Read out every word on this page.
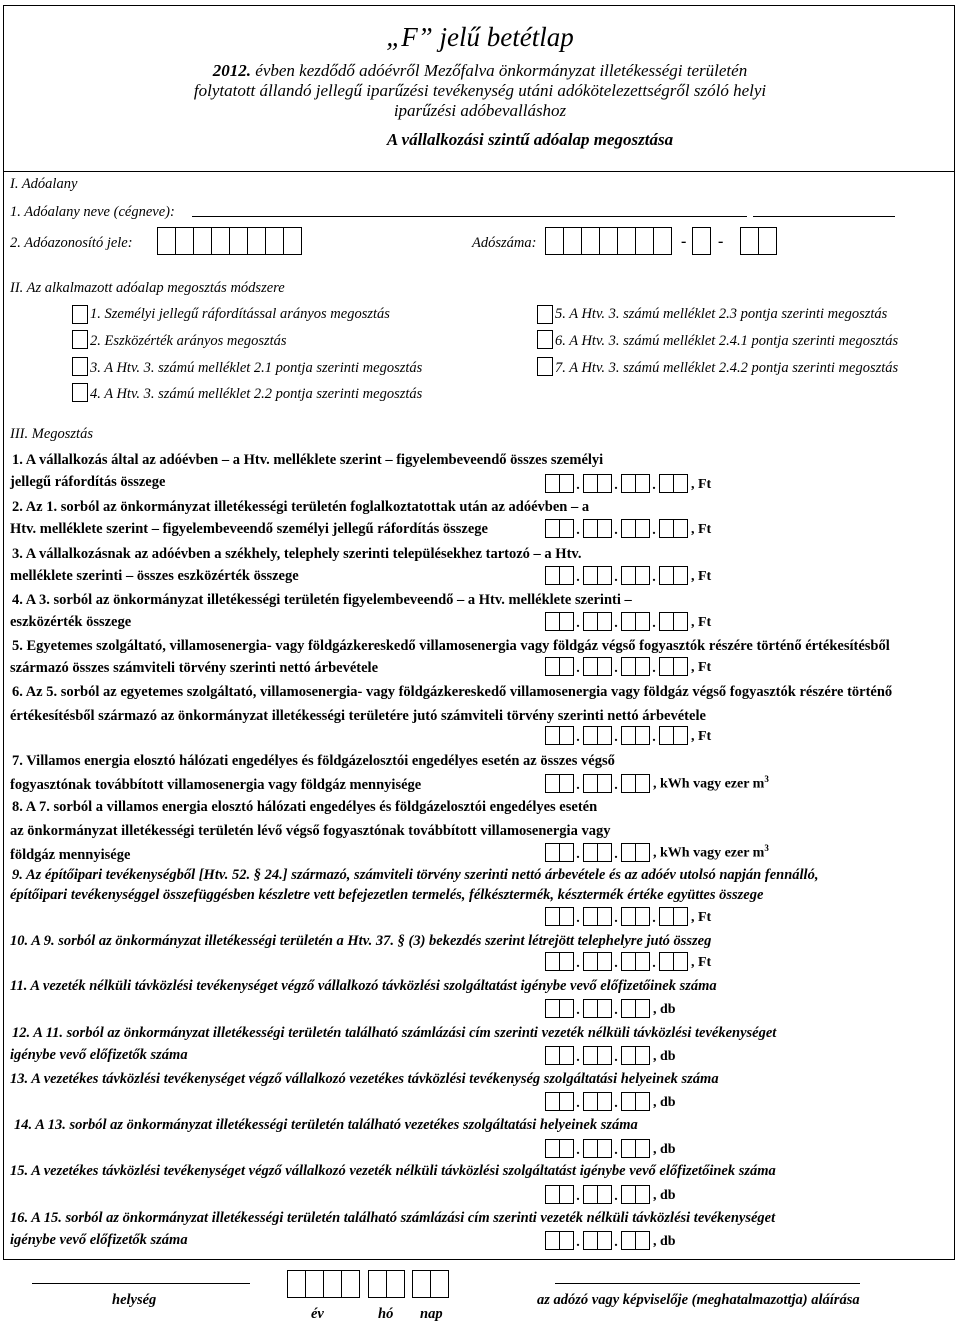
„F” jelű betétlap
2012. évben kezdődő adóévről Mezőfalva önkormányzat illetékességi területén
folytatott állandó jellegű iparűzési tevékenység utáni adókötelezettségről szóló helyi
iparűzési adóbevalláshoz
A vállalkozási szintű adóalap megosztása
I. Adóalany
1. Adóalany neve (cégneve):
2. Adóazonosító jele:	Adószáma:	- -
II. Az alkalmazott adóalap megosztás módszere
1. Személyi jellegű ráfordítással arányos megosztás
2. Eszközérték arányos megosztás
3. A Htv. 3. számú melléklet 2.1 pontja szerinti megosztás
4. A Htv. 3. számú melléklet 2.2 pontja szerinti megosztás
5. A Htv. 3. számú melléklet 2.3 pontja szerinti megosztás
6. A Htv. 3. számú melléklet 2.4.1 pontja szerinti megosztás
7. A Htv. 3. számú melléklet 2.4.2 pontja szerinti megosztás
III. Megosztás
1. A vállalkozás által az adóévben – a Htv. melléklete szerint – figyelembeveendő összes személyi
jellegű ráfordítás összege	. . .	, Ft
2. Az 1. sorból az önkormányzat illetékességi területén foglalkoztatottak után az adóévben – a
Htv. melléklete szerint – figyelembeveendő személyi jellegű ráfordítás összege	. . .	, Ft
3. A vállalkozásnak az adóévben a székhely, telephely szerinti településekhez tartozó – a Htv.
melléklete szerinti – összes eszközérték összege	. . .	, Ft
4. A 3. sorból az önkormányzat illetékességi területén figyelembeveendő – a Htv. melléklete szerinti –
eszközérték összege	. . .	, Ft
5. Egyetemes szolgáltató, villamosenergia- vagy földgázkereskedő villamosenergia vagy földgáz végső fogyasztók részére történő értékesítésből
származó összes számviteli törvény szerinti nettó árbevétele	. . .	, Ft
6. Az 5. sorból az egyetemes szolgáltató, villamosenergia- vagy földgázkereskedő villamosenergia vagy földgáz végső fogyasztók részére történő
értékesítésből származó az önkormányzat illetékességi területére jutó számviteli törvény szerinti nettó árbevétele
. . .	, Ft
7. Villamos energia elosztó hálózati engedélyes és földgázelosztói engedélyes esetén az összes végső
fogyasztónak továbbított villamosenergia vagy földgáz mennyisége	. .	, kWh vagy ezer $m^3$
8. A 7. sorból a villamos energia elosztó hálózati engedélyes és földgázelosztói engedélyes esetén
az önkormányzat illetékességi területén lévő végső fogyasztónak továbbított villamosenergia vagy
földgáz mennyisége	. .	, kWh vagy ezer $m^3$
9. Az építőipari tevékenységből [Htv. 52. § 24.] származó, számviteli törvény szerinti nettó árbevétele és az adóév utolsó napján fennálló,
építőipari tevékenységgel összefüggésben készletre vett befejezetlen termelés, félkésztermék, késztermék értéke együttes összege
. . .	, Ft
10. A 9. sorból az önkormányzat illetékességi területén a Htv. 37. § (3) bekezdés szerint létrejött telephelyre jutó összeg
. . .	, Ft
11. A vezeték nélküli távközlési tevékenységet végző vállalkozó távközlési szolgáltatást igénybe vevő előfizetőinek száma
. .	, db
12. A 11. sorból az önkormányzat illetékességi területén található számlázási cím szerinti vezeték nélküli távközlési tevékenységet
igénybe vevő előfizetők száma	. .	, db
13. A vezetékes távközlési tevékenységet végző vállalkozó vezetékes távközlési tevékenység szolgáltatási helyeinek száma
. .	, db
14. A 13. sorból az önkormányzat illetékességi területén található vezetékes szolgáltatási helyeinek száma
. .	, db
15. A vezetékes távközlési tevékenységet végző vállalkozó vezeték nélküli távközlési szolgáltatást igénybe vevő előfizetőinek száma
. .	, db
16. A 15. sorból az önkormányzat illetékességi területén található számlázási cím szerinti vezeték nélküli távközlési tevékenységet
igénybe vevő előfizetők száma	. .	, db
helység
év	hó nap
az adózó vagy képviselője (meghatalmazottja) aláírása
